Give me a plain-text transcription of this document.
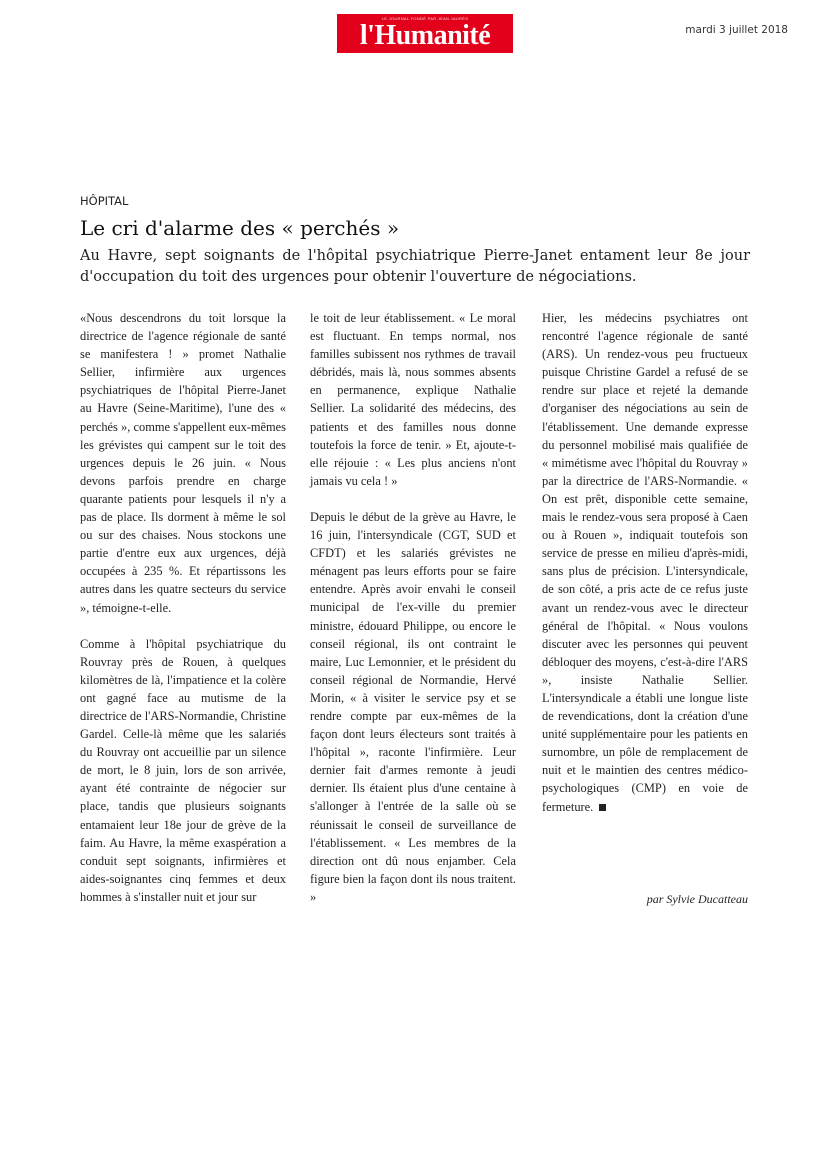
LE JOURNAL FONDÉ PAR JEAN JAURÈS
l'Humanité	mardi 3 juillet 2018
HÔPITAL
Le cri d'alarme des « perchés »

Au Havre, sept soignants de l'hôpital psychiatrique Pierre-Janet entament leur 8e jour d'occupation du toit des urgences pour obtenir l'ouverture de négociations.

«Nous descendrons du toit lorsque la directrice de l'agence régionale de santé se manifestera ! » promet Nathalie Sellier, infirmière aux urgences psychiatriques de l'hôpital Pierre-Janet au Havre (Seine-Maritime), l'une des « perchés », comme s'appellent eux-mêmes les grévistes qui campent sur le toit des urgences depuis le 26 juin. « Nous devons parfois prendre en charge quarante patients pour lesquels il n'y a pas de place. Ils dorment à même le sol ou sur des chaises. Nous stockons une partie d'entre eux aux urgences, déjà occupées à 235 %. Et répartissons les autres dans les quatre secteurs du service », témoigne-t-elle.

Comme à l'hôpital psychiatrique du Rouvray près de Rouen, à quelques kilomètres de là, l'impatience et la colère ont gagné face au mutisme de la directrice de l'ARS-Normandie, Christine Gardel. Celle-là même que les salariés du Rouvray ont accueillie par un silence de mort, le 8 juin, lors de son arrivée, ayant été contrainte de négocier sur place, tandis que plusieurs soignants entamaient leur 18e jour de grève de la faim. Au Havre, la même exaspération a conduit sept soignants, infirmières et aides-soignantes cinq femmes et deux hommes à s'installer nuit et jour sur

le toit de leur établissement. « Le moral est fluctuant. En temps normal, nos familles subissent nos rythmes de travail débridés, mais là, nous sommes absents en permanence, explique Nathalie Sellier. La solidarité des médecins, des patients et des familles nous donne toutefois la force de tenir. » Et, ajoute-t-elle réjouie : « Les plus anciens n'ont jamais vu cela ! »

Depuis le début de la grève au Havre, le 16 juin, l'intersyndicale (CGT, SUD et CFDT) et les salariés grévistes ne ménagent pas leurs efforts pour se faire entendre. Après avoir envahi le conseil municipal de l'ex-ville du premier ministre, édouard Philippe, ou encore le conseil régional, ils ont contraint le maire, Luc Lemonnier, et le président du conseil régional de Normandie, Hervé Morin, « à visiter le service psy et se rendre compte par eux-mêmes de la façon dont leurs électeurs sont traités à l'hôpital », raconte l'infirmière. Leur dernier fait d'armes remonte à jeudi dernier. Ils étaient plus d'une centaine à s'allonger à l'entrée de la salle où se réunissait le conseil de surveillance de l'établissement. « Les membres de la direction ont dû nous enjamber. Cela figure bien la façon dont ils nous traitent. »

Hier, les médecins psychiatres ont rencontré l'agence régionale de santé (ARS). Un rendez-vous peu fructueux puisque Christine Gardel a refusé de se rendre sur place et rejeté la demande d'organiser des négociations au sein de l'établissement. Une demande expresse du personnel mobilisé mais qualifiée de « mimétisme avec l'hôpital du Rouvray » par la directrice de l'ARS-Normandie. « On est prêt, disponible cette semaine, mais le rendez-vous sera proposé à Caen ou à Rouen », indiquait toutefois son service de presse en milieu d'après-midi, sans plus de précision. L'intersyndicale, de son côté, a pris acte de ce refus juste avant un rendez-vous avec le directeur général de l'hôpital. « Nous voulons discuter avec les personnes qui peuvent débloquer des moyens, c'est-à-dire l'ARS », insiste Nathalie Sellier. L'intersyndicale a établi une longue liste de revendications, dont la création d'une unité supplémentaire pour les patients en surnombre, un pôle de remplacement de nuit et le maintien des centres médico-psychologiques (CMP) en voie de fermeture.

par Sylvie Ducatteau
